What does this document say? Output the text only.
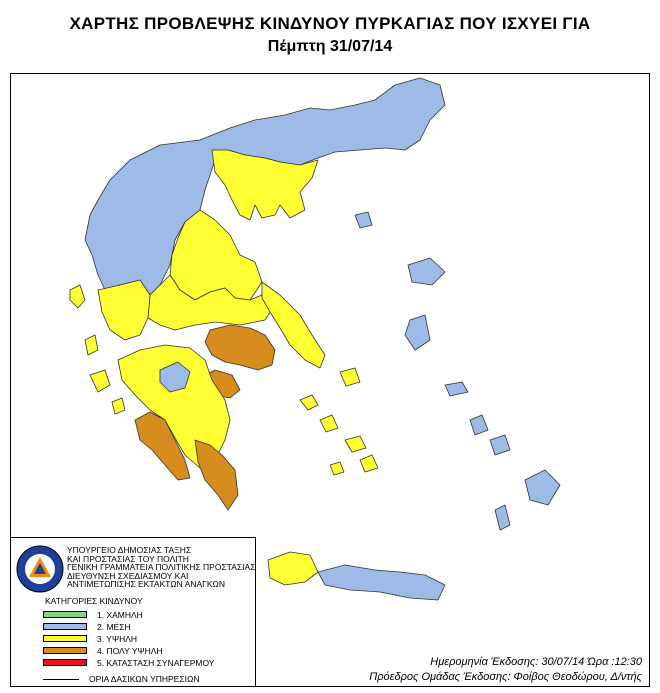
ΧΑΡΤΗΣ ΠΡΟΒΛΕΨΗΣ ΚΙΝΔΥΝΟΥ ΠΥΡΚΑΓΙΑΣ ΠΟΥ ΙΣΧΥΕΙ ΓΙΑ
Πέμπτη 31/07/14
ΥΠΟΥΡΓΕΙΟ ΔΗΜΟΣΙΑΣ ΤΑΞΗΣ
ΚΑΙ ΠΡΟΣΤΑΣΙΑΣ ΤΟΥ ΠΟΛΙΤΗ
ΓΕΝΙΚΗ ΓΡΑΜΜΑΤΕΙΑ ΠΟΛΙΤΙΚΗΣ ΠΡΟΣΤΑΣΙΑΣ
ΔΙΕΥΘΥΝΣΗ ΣΧΕΔΙΑΣΜΟΥ ΚΑΙ
ΑΝΤΙΜΕΤΩΠΙΣΗΣ ΕΚΤΑΚΤΩΝ ΑΝΑΓΚΩΝ
ΚΑΤΗΓΟΡΙΕΣ ΚΙΝΔΥΝΟΥ
1. ΧΑΜΗΛΗ
2. ΜΕΣΗ
3. ΥΨΗΛΗ
4. ΠΟΛΥ ΥΨΗΛΗ
5. ΚΑΤΑΣΤΑΣΗ ΣΥΝΑΓΕΡΜΟΥ
ΟΡΙΑ ΔΑΣΙΚΩΝ ΥΠΗΡΕΣΙΩΝ
Ημερομηνία Έκδοσης: 30/07/14 Ώρα :12:30
Πρόεδρος Ομάδας Έκδοσης: Φοίβος Θεοδώρου, Δ/ντής
